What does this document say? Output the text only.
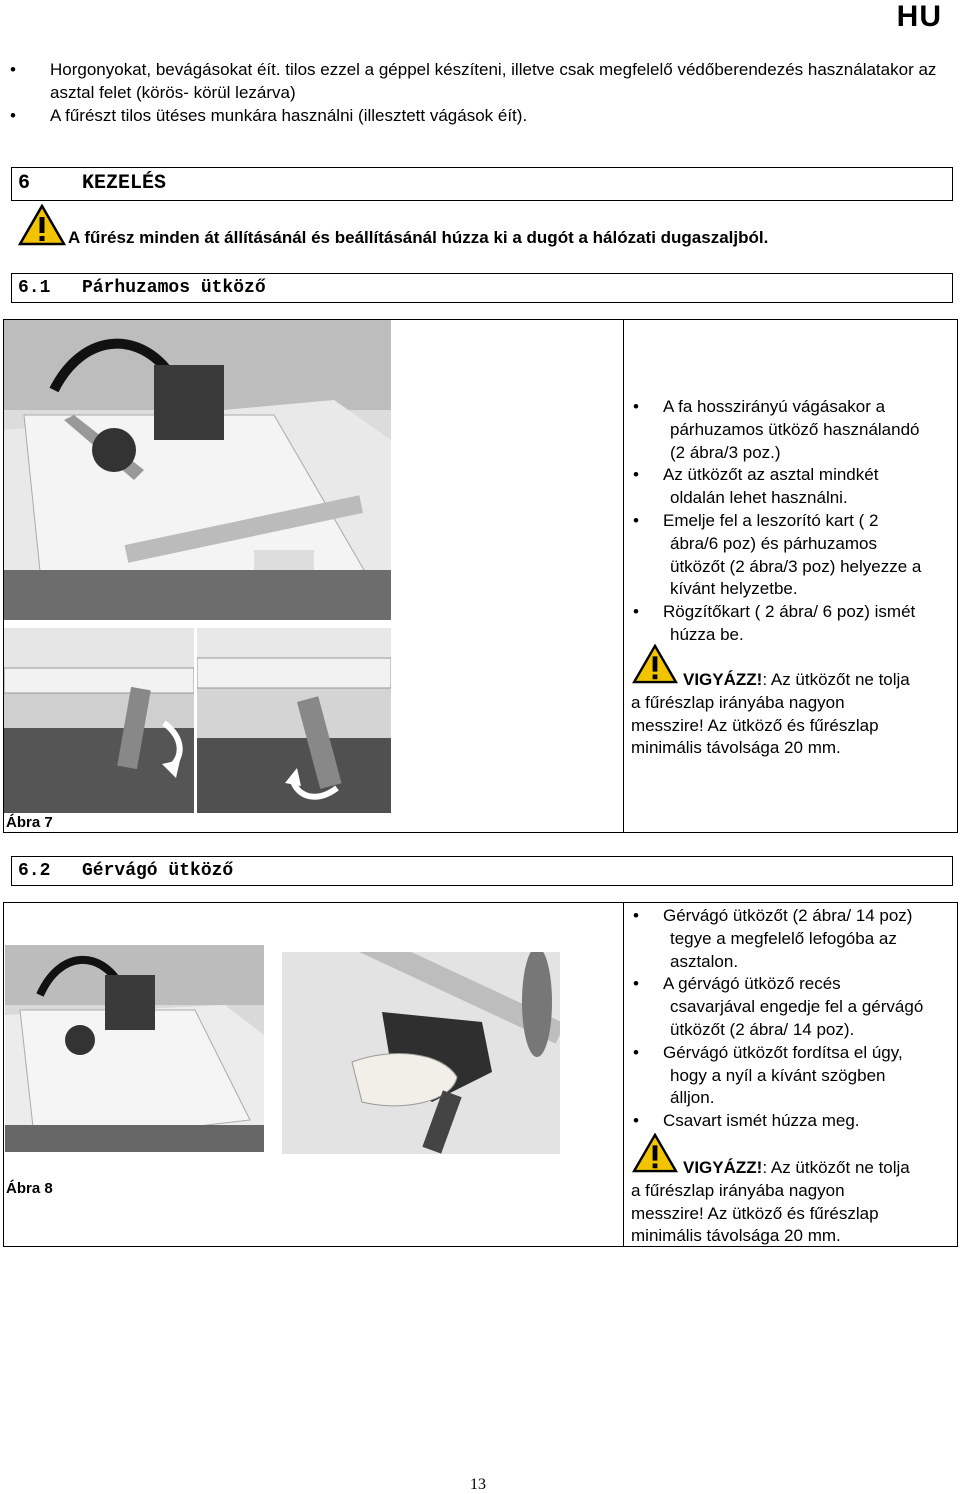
HU
• Horgonyokat, bevágásokat éít. tilos ezzel a géppel készíteni, illetve csak megfelelő védőberendezés használatakor az asztal felet (körös- körül lezárva)
• A fűrészt tilos ütéses munkára használni (illesztett vágások éít).
6	KEZELÉS
A fűrész minden át állításánál és beállításánál húzza ki a dugót a hálózati dugaszaljból.
6.1 Párhuzamos ütköző
Ábra 7
• A fa hosszirányú vágásakor a
párhuzamos ütköző használandó
(2 ábra/3 poz.)
• Az ütközőt az asztal mindkét
oldalán lehet használni.
• Emelje fel a leszorító kart ( 2
ábra/6 poz) és párhuzamos
ütközőt (2 ábra/3 poz) helyezze a
kívánt helyzetbe.
• Rögzítőkart ( 2 ábra/ 6 poz) ismét
húzza be.
VIGYÁZZ!: Az ütközőt ne tolja
a fűrészlap irányába nagyon
messzire! Az ütköző és fűrészlap
minimális távolsága 20 mm.
6.2 Gérvágó ütköző
Ábra 8
• Gérvágó ütközőt (2 ábra/ 14 poz)
tegye a megfelelő lefogóba az
asztalon.
• A gérvágó ütköző recés
csavarjával engedje fel a gérvágó
ütközőt (2 ábra/ 14 poz).
• Gérvágó ütközőt fordítsa el úgy,
hogy a nyíl a kívánt szögben
álljon.
• Csavart ismét húzza meg.
VIGYÁZZ!: Az ütközőt ne tolja
a fűrészlap irányába nagyon
messzire! Az ütköző és fűrészlap
minimális távolsága 20 mm.
13
